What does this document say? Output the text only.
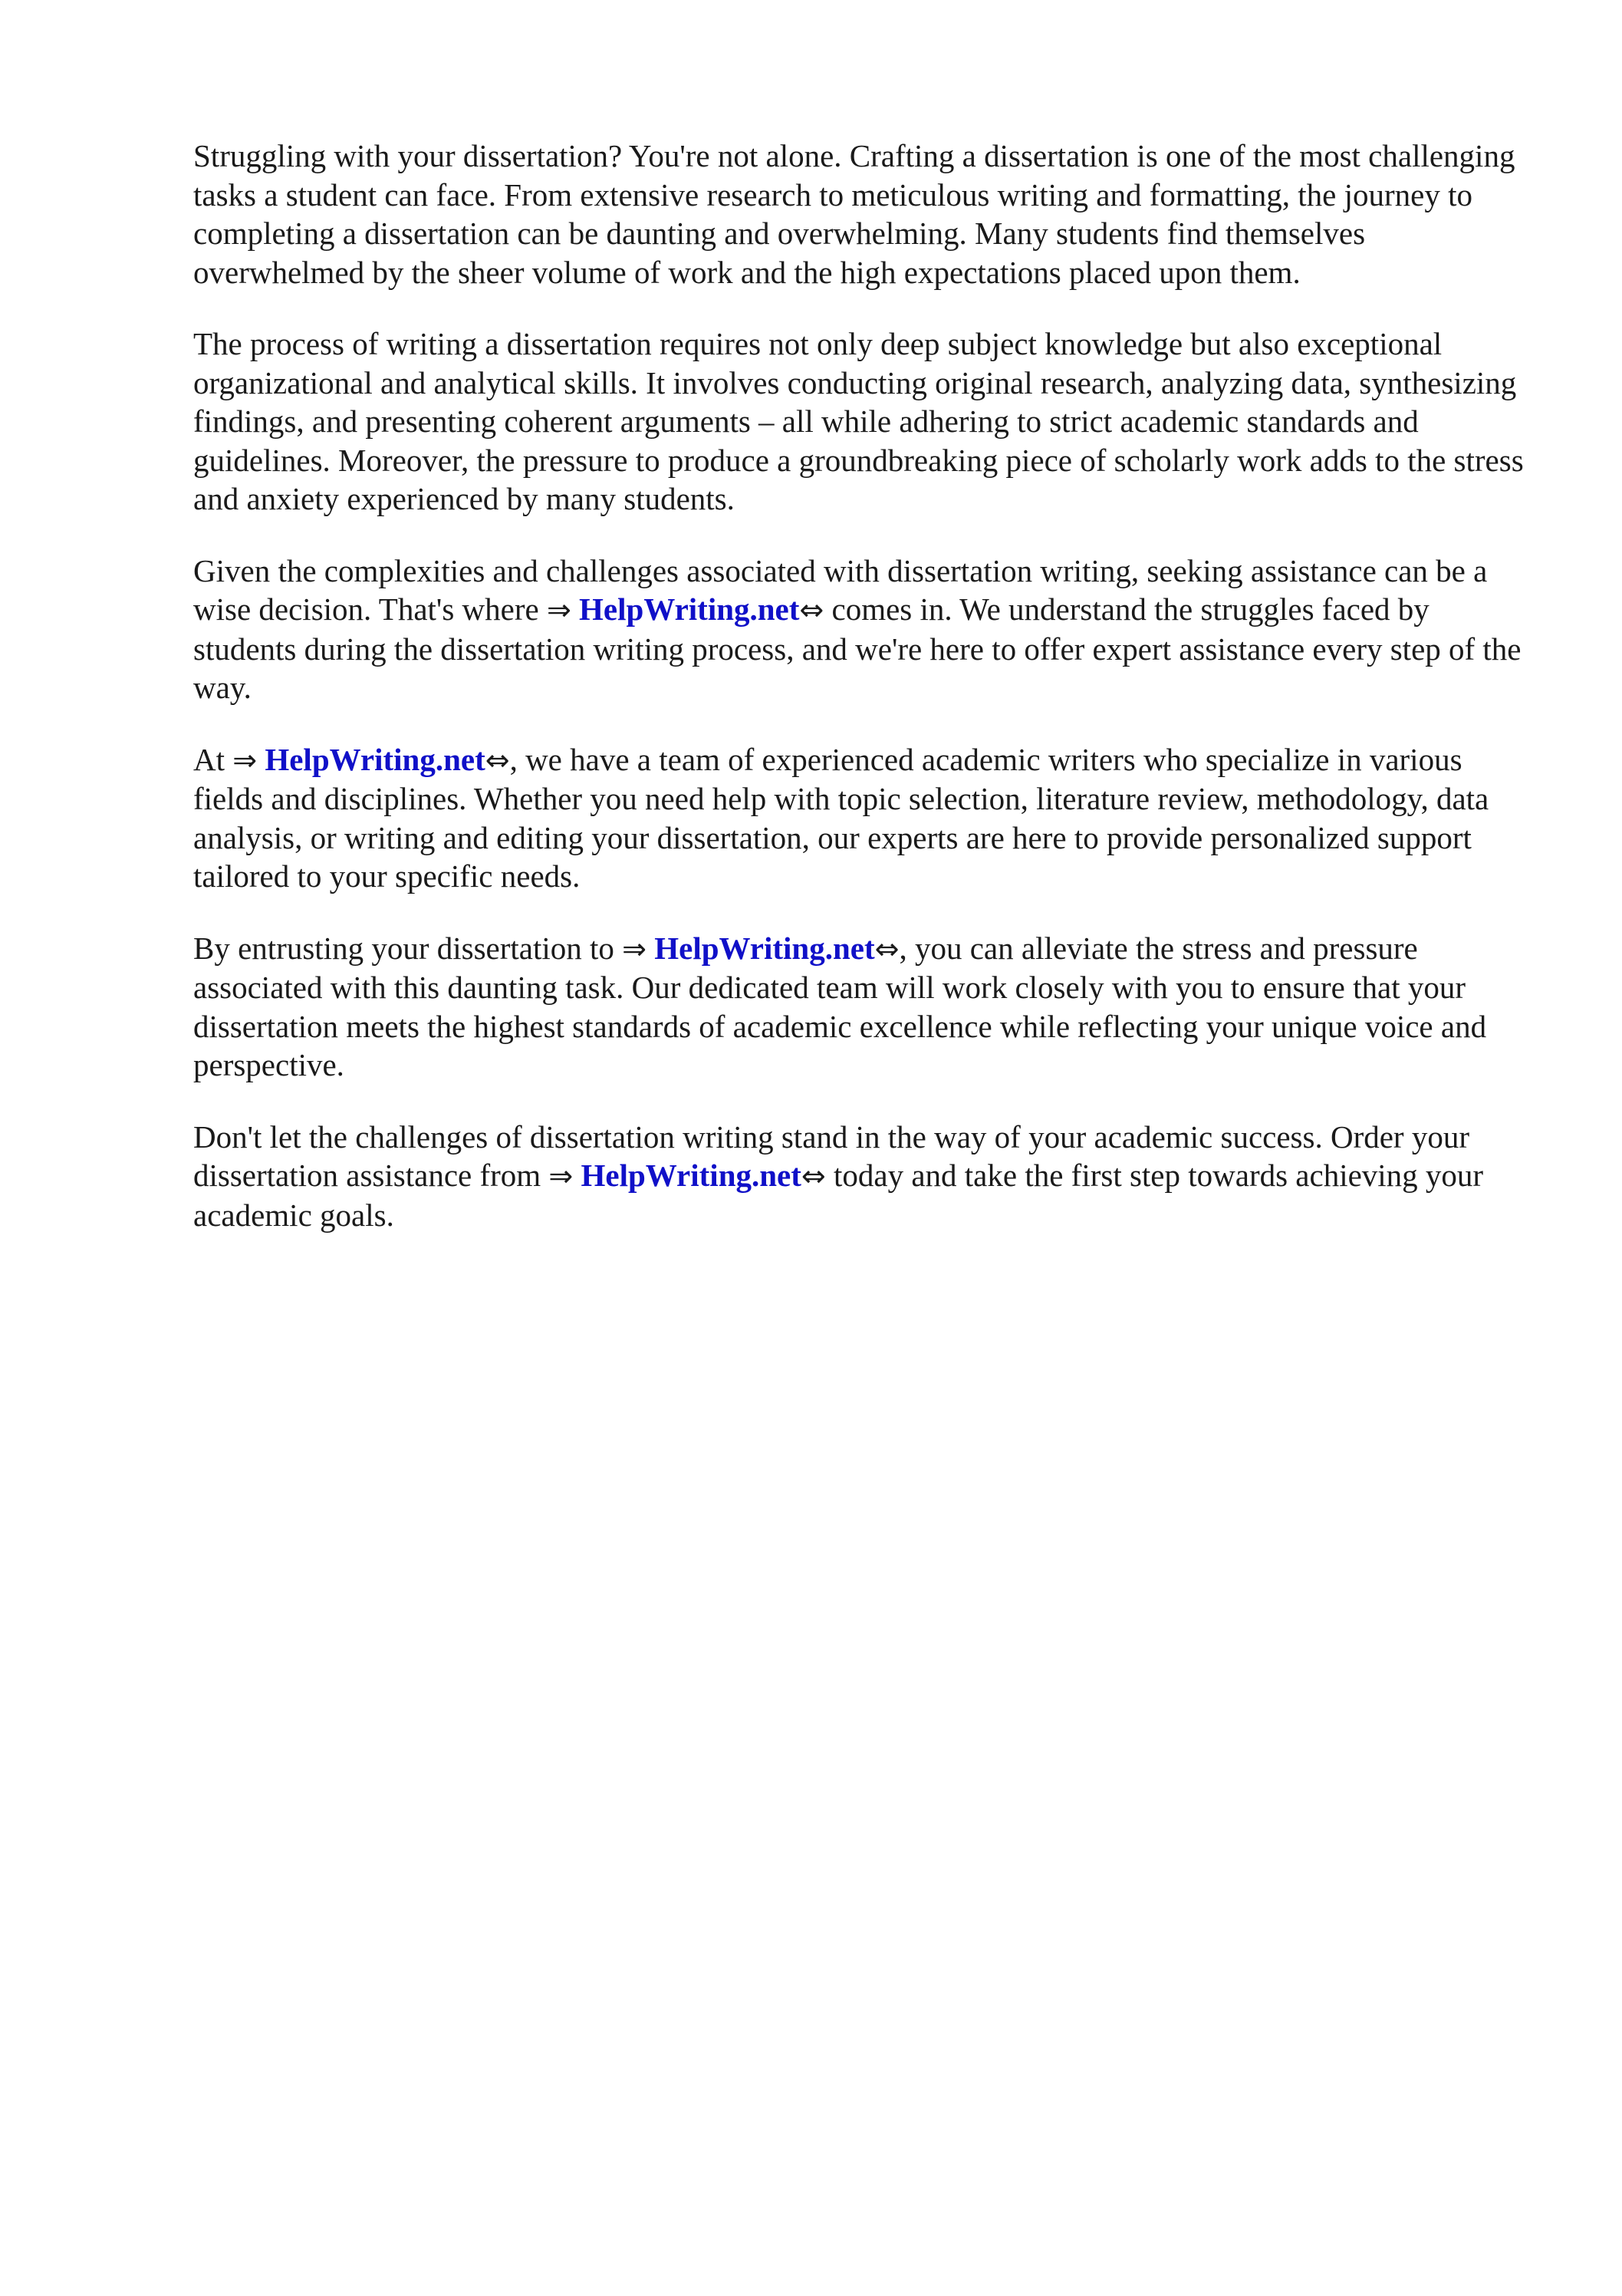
Struggling with your dissertation? You're not alone. Crafting a dissertation is one of the most challenging tasks a student can face. From extensive research to meticulous writing and formatting, the journey to completing a dissertation can be daunting and overwhelming. Many students find themselves overwhelmed by the sheer volume of work and the high expectations placed upon them.

The process of writing a dissertation requires not only deep subject knowledge but also exceptional organizational and analytical skills. It involves conducting original research, analyzing data, synthesizing findings, and presenting coherent arguments – all while adhering to strict academic standards and guidelines. Moreover, the pressure to produce a groundbreaking piece of scholarly work adds to the stress and anxiety experienced by many students.

Given the complexities and challenges associated with dissertation writing, seeking assistance can be a wise decision. That's where ⇒ HelpWriting.net⇔ comes in. We understand the struggles faced by students during the dissertation writing process, and we're here to offer expert assistance every step of the way.

At ⇒ HelpWriting.net⇔, we have a team of experienced academic writers who specialize in various fields and disciplines. Whether you need help with topic selection, literature review, methodology, data analysis, or writing and editing your dissertation, our experts are here to provide personalized support tailored to your specific needs.

By entrusting your dissertation to ⇒ HelpWriting.net⇔, you can alleviate the stress and pressure associated with this daunting task. Our dedicated team will work closely with you to ensure that your dissertation meets the highest standards of academic excellence while reflecting your unique voice and perspective.

Don't let the challenges of dissertation writing stand in the way of your academic success. Order your dissertation assistance from ⇒ HelpWriting.net⇔ today and take the first step towards achieving your academic goals.
